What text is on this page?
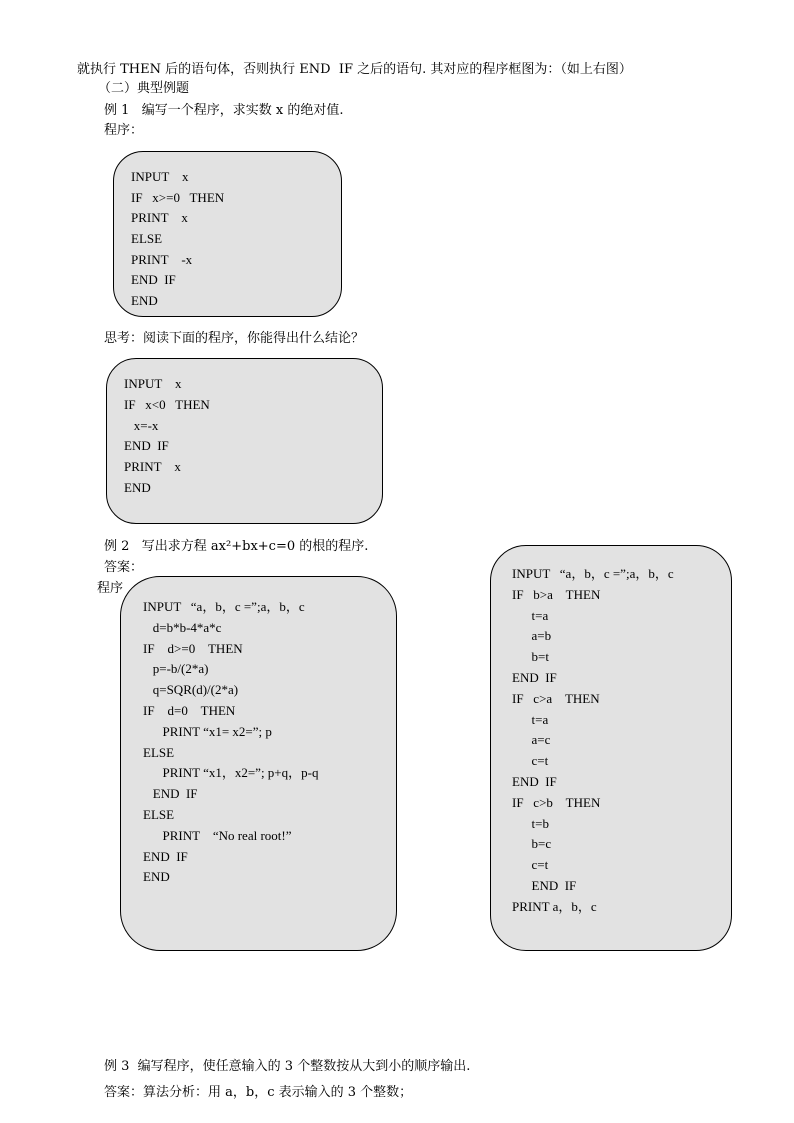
就执行 THEN 后的语句体，否则执行 END  IF 之后的语句. 其对应的程序框图为：（如上右图）
（二）典型例题
例 1   编写一个程序，求实数 x 的绝对值.
程序：
INPUT    x
IF   x>=0   THEN
PRINT    x
ELSE
PRINT    -x
END  IF
END
思考：阅读下面的程序，你能得出什么结论？
INPUT    x
IF   x<0   THEN
x=-x
END  IF
PRINT    x
END
例 2   写出求方程 ax²+bx+c=0 的根的程序.
答案：
程序
INPUT   “a，b，c =”;a，b，c
d=b*b-4*a*c
IF    d>=0    THEN
p=-b/(2*a)
q=SQR(d)/(2*a)
IF    d=0    THEN
PRINT “x1= x2=”; p
ELSE
PRINT “x1，x2=”; p+q，p-q
END  IF
ELSE
PRINT    “No real root!”
END  IF
END
INPUT   “a，b，c =”;a，b，c
IF   b>a    THEN
t=a
a=b
b=t
END  IF
IF   c>a    THEN
t=a
a=c
c=t
END  IF
IF   c>b    THEN
t=b
b=c
c=t
END  IF
PRINT a，b，c
例 3  编写程序，使任意输入的 3 个整数按从大到小的顺序输出.
答案：算法分析：用 a，b，c 表示输入的 3 个整数；
